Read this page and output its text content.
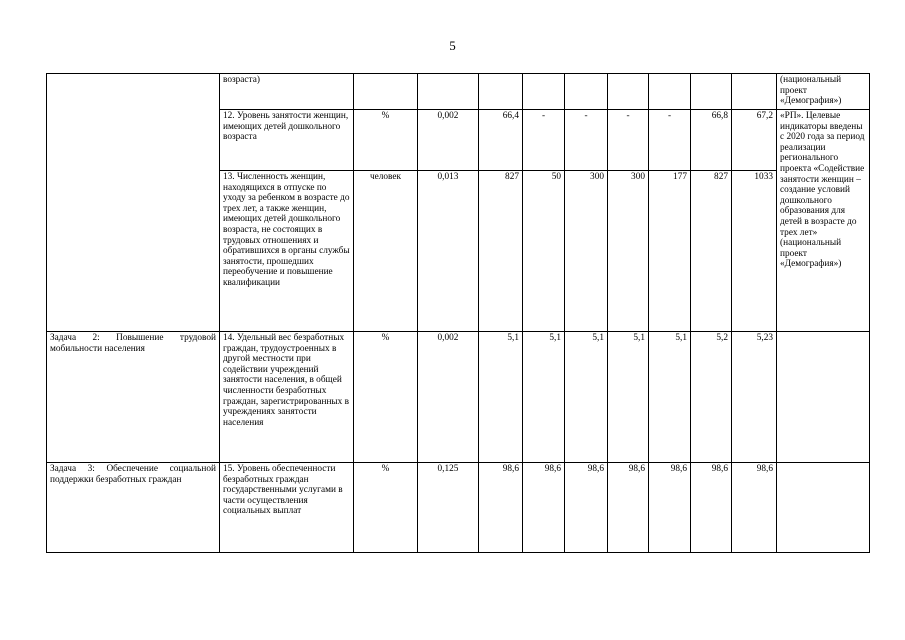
5
	возраста)										(национальный проект «Демография»)
	12. Уровень занятости женщин, имеющих детей дошкольного возраста	%	0,002	66,4	-	-	-	-	66,8	67,2	«РП». Целевые индикаторы введены с 2020 года за период реализации регионального проекта «Содействие занятости женщин – создание условий дошкольного образования для детей в возрасте до трех лет» (национальный проект «Демография»)
	13. Численность женщин, находящихся в отпуске по уходу за ребенком в возрасте до трех лет, а также женщин, имеющих детей дошкольного возраста, не состоящих в трудовых отношениях и обратившихся в органы службы занятости, прошедших переобучение и повышение квалификации	человек	0,013	827	50	300	300	177	827	1033	
Задача 2: Повышение трудовой мобильности населения	14. Удельный вес безработных граждан, трудоустроенных в другой местности при содействии учреждений занятости населения, в общей численности безработных граждан, зарегистрированных в учреждениях занятости населения	%	0,002	5,1	5,1	5,1	5,1	5,1	5,2	5,23	
Задача 3: Обеспечение социальной поддержки безработных граждан	15. Уровень обеспеченности безработных граждан государственными услугами в части осуществления социальных выплат	%	0,125	98,6	98,6	98,6	98,6	98,6	98,6	98,6	
